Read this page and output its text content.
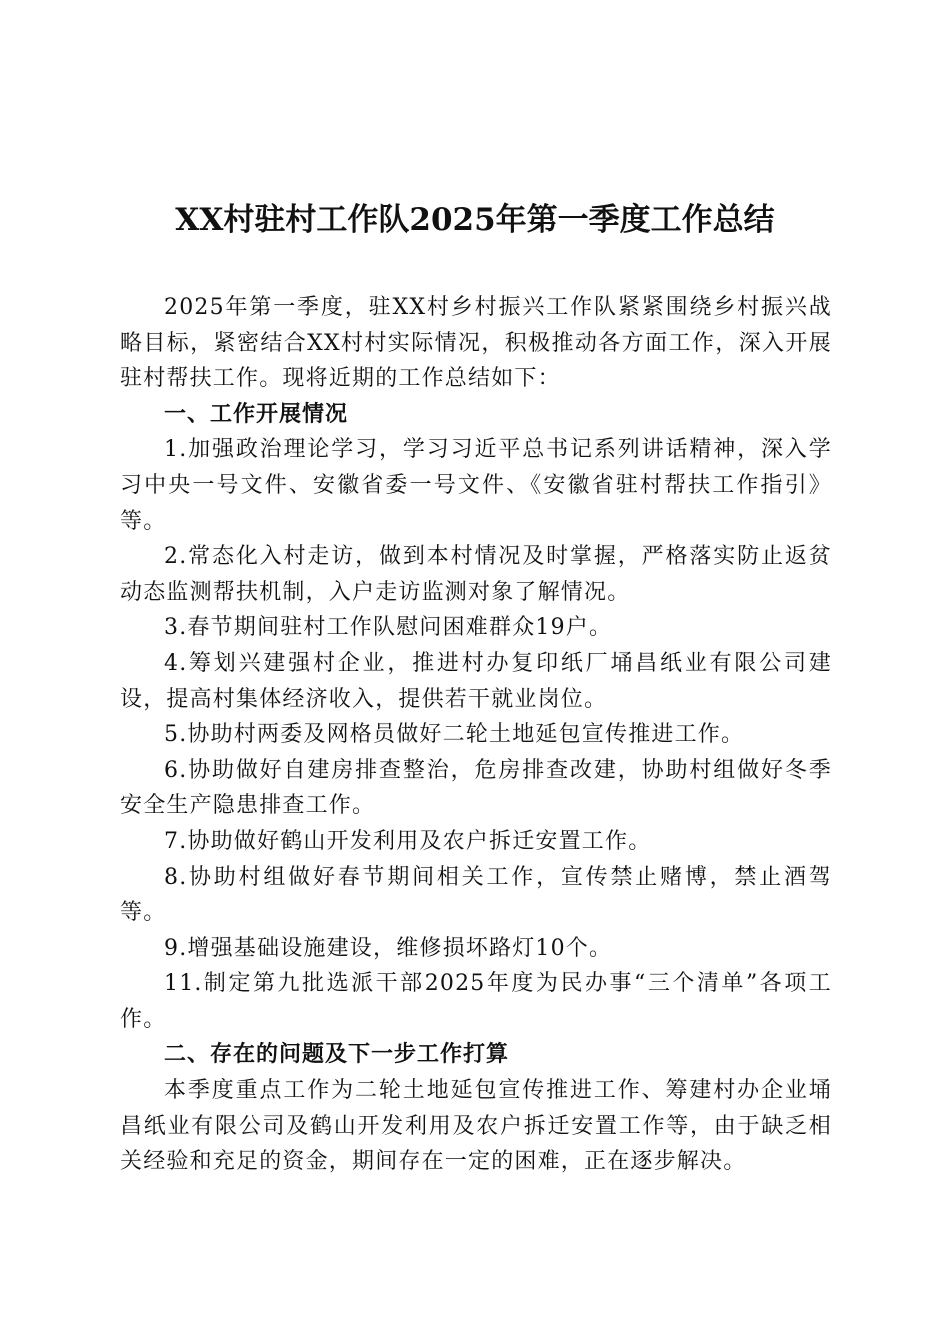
XX村驻村工作队2025年第一季度工作总结

2025年第一季度，驻XX村乡村振兴工作队紧紧围绕乡村振兴战略目标，紧密结合XX村村实际情况，积极推动各方面工作，深入开展驻村帮扶工作。现将近期的工作总结如下：

一、工作开展情况

1.加强政治理论学习，学习习近平总书记系列讲话精神，深入学习中央一号文件、安徽省委一号文件、《安徽省驻村帮扶工作指引》等。

2.常态化入村走访，做到本村情况及时掌握，严格落实防止返贫动态监测帮扶机制，入户走访监测对象了解情况。

3.春节期间驻村工作队慰问困难群众19户。

4.筹划兴建强村企业，推进村办复印纸厂埇昌纸业有限公司建设，提高村集体经济收入，提供若干就业岗位。

5.协助村两委及网格员做好二轮土地延包宣传推进工作。

6.协助做好自建房排查整治，危房排查改建，协助村组做好冬季安全生产隐患排查工作。

7.协助做好鹤山开发利用及农户拆迁安置工作。

8.协助村组做好春节期间相关工作，宣传禁止赌博，禁止酒驾等。

9.增强基础设施建设，维修损坏路灯10个。

11.制定第九批选派干部2025年度为民办事“三个清单”各项工作。

二、存在的问题及下一步工作打算

本季度重点工作为二轮土地延包宣传推进工作、筹建村办企业埇昌纸业有限公司及鹤山开发利用及农户拆迁安置工作等，由于缺乏相关经验和充足的资金，期间存在一定的困难，正在逐步解决。
